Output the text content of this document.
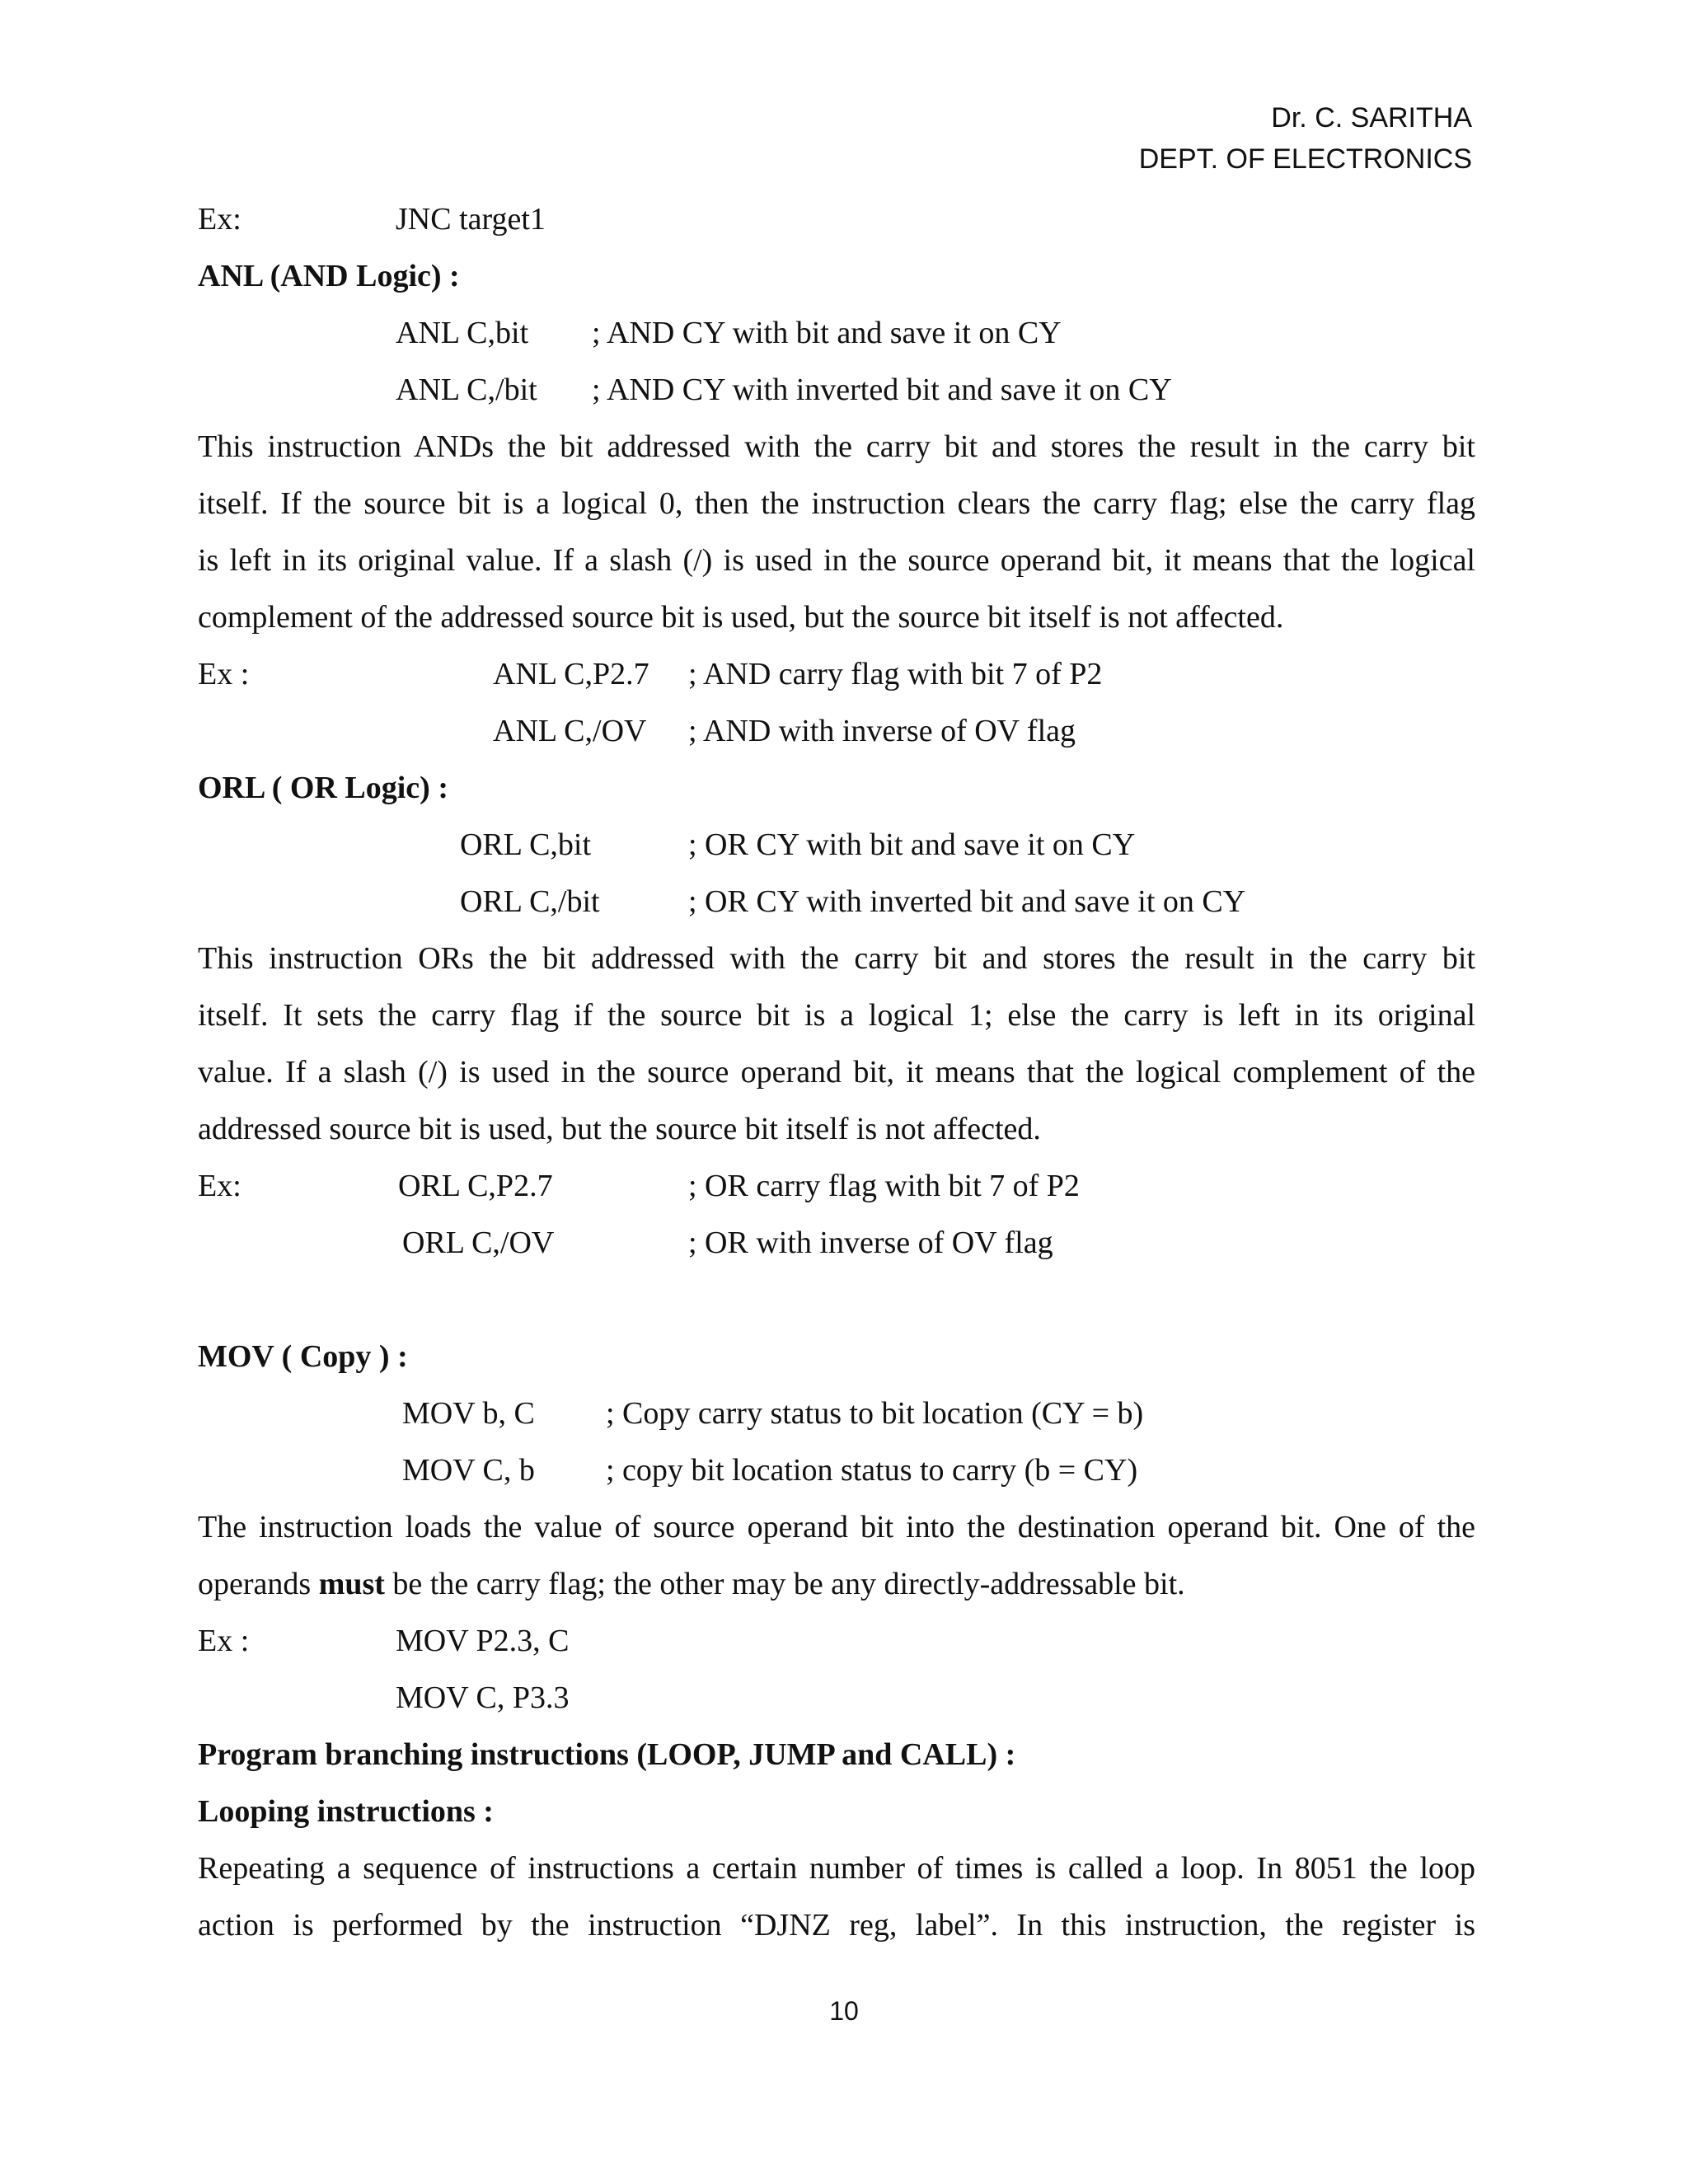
Dr. C. SARITHA
DEPT. OF ELECTRONICS
Ex:	JNC target1
ANL (AND Logic) :
ANL C,bit ; AND CY with bit and save it on CY
ANL C,/bit ; AND CY with inverted bit and save it on CY
This instruction ANDs the bit addressed with the carry bit and stores the result in the carry bit
itself. If the source bit is a logical 0, then the instruction clears the carry flag; else the carry flag
is left in its original value. If a slash (/) is used in the source operand bit, it means that the logical
complement of the addressed source bit is used, but the source bit itself is not affected.
Ex :	ANL C,P2.7 ; AND carry flag with bit 7 of P2
ANL C,/OV ; AND with inverse of OV flag
ORL ( OR Logic) :
ORL C,bit	; OR CY with bit and save it on CY
ORL C,/bit	; OR CY with inverted bit and save it on CY
This instruction ORs the bit addressed with the carry bit and stores the result in the carry bit
itself. It sets the carry flag if the source bit is a logical 1; else the carry is left in its original
value. If a slash (/) is used in the source operand bit, it means that the logical complement of the
addressed source bit is used, but the source bit itself is not affected.
Ex:	ORL C,P2.7	; OR carry flag with bit 7 of P2
ORL C,/OV	; OR with inverse of OV flag
MOV ( Copy ) :
MOV b, C ; Copy carry status to bit location (CY = b)
MOV C, b ; copy bit location status to carry (b = CY)
The instruction loads the value of source operand bit into the destination operand bit. One of the
operands must be the carry flag; the other may be any directly-addressable bit.
Ex :	MOV P2.3, C
MOV C, P3.3
Program branching instructions (LOOP, JUMP and CALL) :
Looping instructions :
Repeating a sequence of instructions a certain number of times is called a loop. In 8051 the loop
action is performed by the instruction “DJNZ reg, label”. In this instruction, the register is
10
